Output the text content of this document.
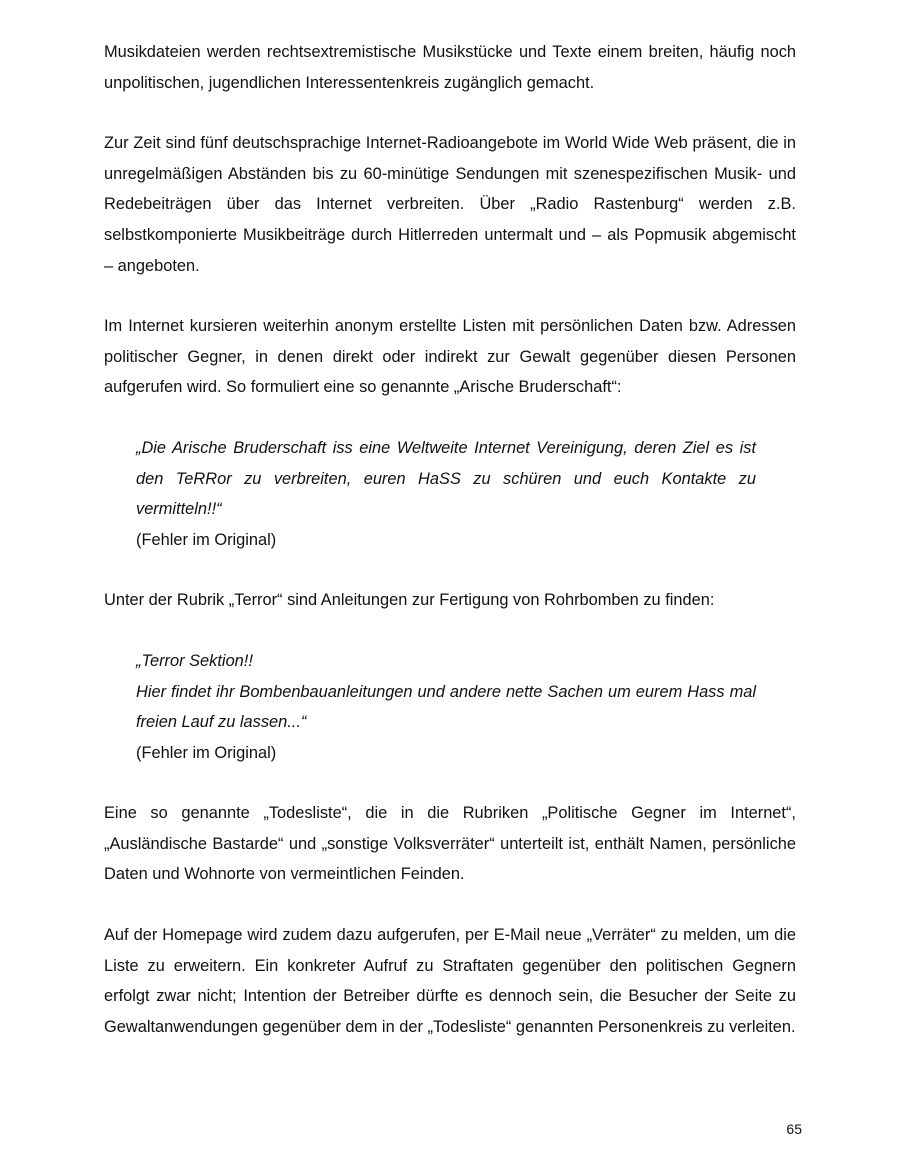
Musikdateien werden rechtsextremistische Musikstücke und Texte einem breiten, häufig noch unpolitischen, jugendlichen Interessentenkreis zugänglich gemacht.

Zur Zeit sind fünf deutschsprachige Internet-Radioangebote im World Wide Web präsent, die in unregelmäßigen Abständen bis zu 60-minütige Sendungen mit szenespezifischen Musik- und Redebeiträgen über das Internet verbreiten. Über „Radio Rastenburg“ werden z.B. selbstkomponierte Musikbeiträge durch Hitlerreden untermalt und – als Popmusik abgemischt – angeboten.

Im Internet kursieren weiterhin anonym erstellte Listen mit persönlichen Daten bzw. Adressen politischer Gegner, in denen direkt oder indirekt zur Gewalt gegenüber diesen Personen aufgerufen wird. So formuliert eine so genannte „Arische Bruderschaft“:

„Die Arische Bruderschaft iss eine Weltweite Internet Vereinigung, deren Ziel es ist den TeRRor zu verbreiten, euren HaSS zu schüren und euch Kontakte zu vermitteln!!“

(Fehler im Original)

Unter der Rubrik „Terror“ sind Anleitungen zur Fertigung von Rohrbomben zu finden:

„Terror Sektion!!

Hier findet ihr Bombenbauanleitungen und andere nette Sachen um eurem Hass mal freien Lauf zu lassen...“

(Fehler im Original)

Eine so genannte „Todesliste“, die in die Rubriken „Politische Gegner im Internet“, „Ausländische Bastarde“ und „sonstige Volksverräter“ unterteilt ist, enthält Namen, persönliche Daten und Wohnorte von vermeintlichen Feinden.

Auf der Homepage wird zudem dazu aufgerufen, per E-Mail neue „Verräter“ zu melden, um die Liste zu erweitern. Ein konkreter Aufruf zu Straftaten gegenüber den politischen Gegnern erfolgt zwar nicht; Intention der Betreiber dürfte es dennoch sein, die Besucher der Seite zu Gewaltanwendungen gegenüber dem in der „Todesliste“ genannten Personenkreis zu verleiten.

65
